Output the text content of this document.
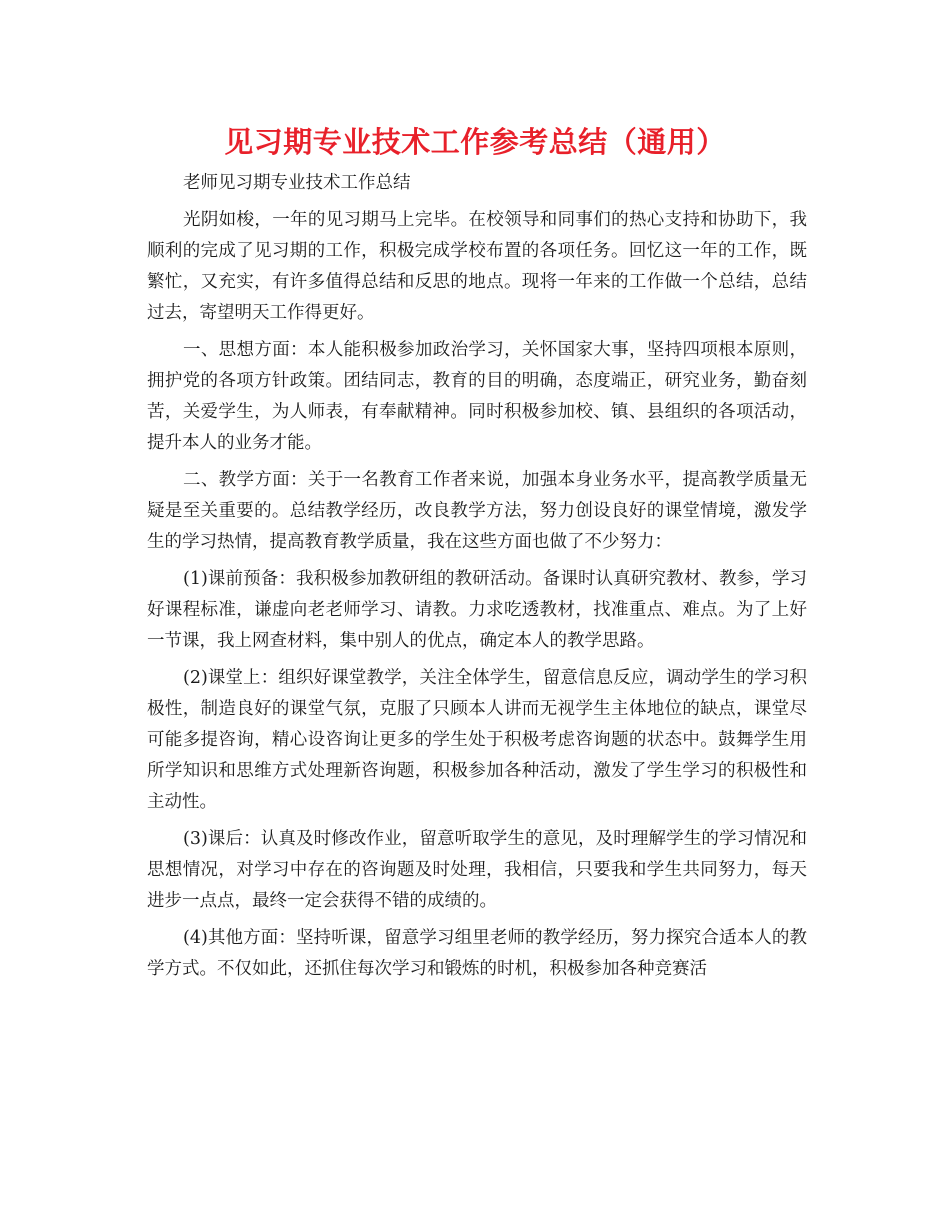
见习期专业技术工作参考总结（通用）

老师见习期专业技术工作总结

光阴如梭，一年的见习期马上完毕。在校领导和同事们的热心支持和协助下，我顺利的完成了见习期的工作，积极完成学校布置的各项任务。回忆这一年的工作，既繁忙，又充实，有许多值得总结和反思的地点。现将一年来的工作做一个总结，总结过去，寄望明天工作得更好。

一、思想方面：本人能积极参加政治学习，关怀国家大事，坚持四项根本原则，拥护党的各项方针政策。团结同志，教育的目的明确，态度端正，研究业务，勤奋刻苦，关爱学生，为人师表，有奉献精神。同时积极参加校、镇、县组织的各项活动，提升本人的业务才能。

二、教学方面：关于一名教育工作者来说，加强本身业务水平，提高教学质量无疑是至关重要的。总结教学经历，改良教学方法，努力创设良好的课堂情境，激发学生的学习热情，提高教育教学质量，我在这些方面也做了不少努力：

(1)课前预备：我积极参加教研组的教研活动。备课时认真研究教材、教参，学习好课程标准，谦虚向老老师学习、请教。力求吃透教材，找准重点、难点。为了上好一节课，我上网查材料，集中别人的优点，确定本人的教学思路。

(2)课堂上：组织好课堂教学，关注全体学生，留意信息反应，调动学生的学习积极性，制造良好的课堂气氛，克服了只顾本人讲而无视学生主体地位的缺点，课堂尽可能多提咨询，精心设咨询让更多的学生处于积极考虑咨询题的状态中。鼓舞学生用所学知识和思维方式处理新咨询题，积极参加各种活动，激发了学生学习的积极性和主动性。

(3)课后：认真及时修改作业，留意听取学生的意见，及时理解学生的学习情况和思想情况，对学习中存在的咨询题及时处理，我相信，只要我和学生共同努力，每天进步一点点，最终一定会获得不错的成绩的。

(4)其他方面：坚持听课，留意学习组里老师的教学经历，努力探究合适本人的教学方式。不仅如此，还抓住每次学习和锻炼的时机，积极参加各种竞赛活
